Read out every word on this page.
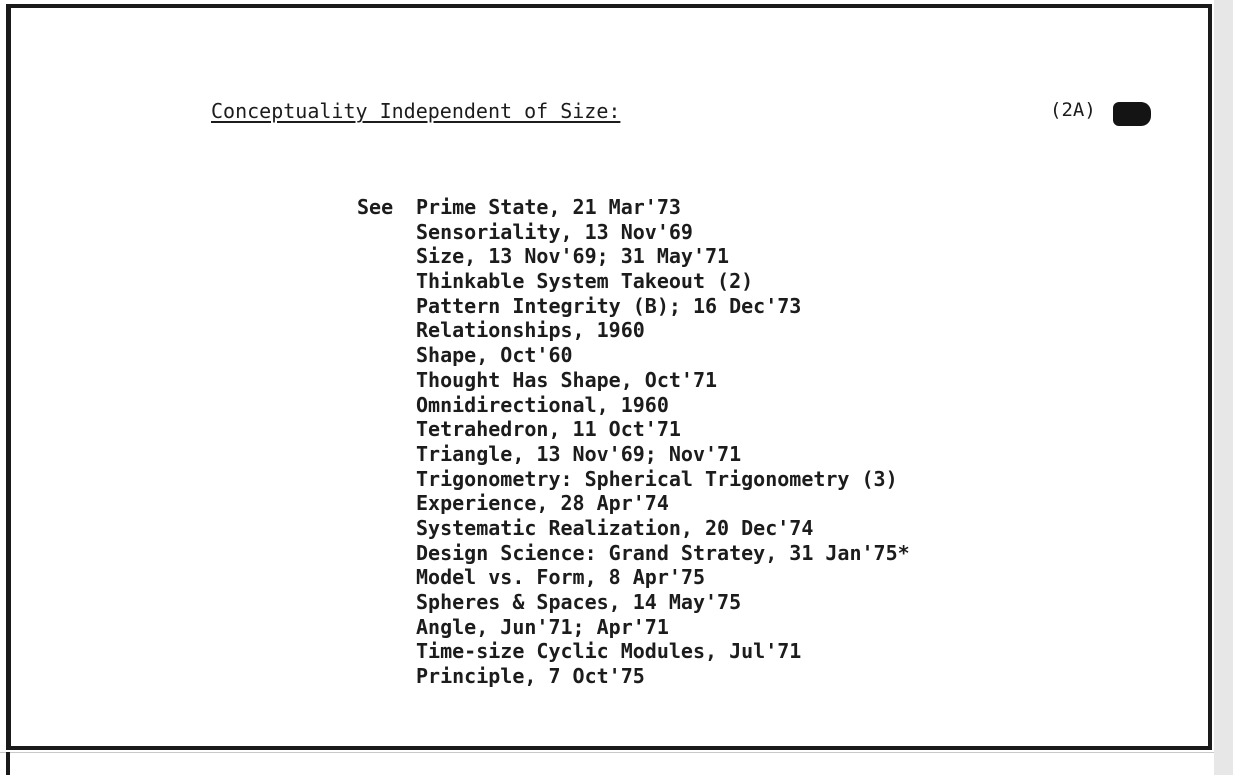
Conceptuality Independent of Size:	(2A)
See Prime State, 21 Mar'73
Sensoriality, 13 Nov'69
Size, 13 Nov'69; 31 May'71
Thinkable System Takeout (2)
Pattern Integrity (B); 16 Dec'73
Relationships, 1960
Shape, Oct'60
Thought Has Shape, Oct'71
Omnidirectional, 1960
Tetrahedron, 11 Oct'71
Triangle, 13 Nov'69; Nov'71
Trigonometry: Spherical Trigonometry (3)
Experience, 28 Apr'74
Systematic Realization, 20 Dec'74
Design Science: Grand Stratey, 31 Jan'75*
Model vs. Form, 8 Apr'75
Spheres & Spaces, 14 May'75
Angle, Jun'71; Apr'71
Time-size Cyclic Modules, Jul'71
Principle, 7 Oct'75
